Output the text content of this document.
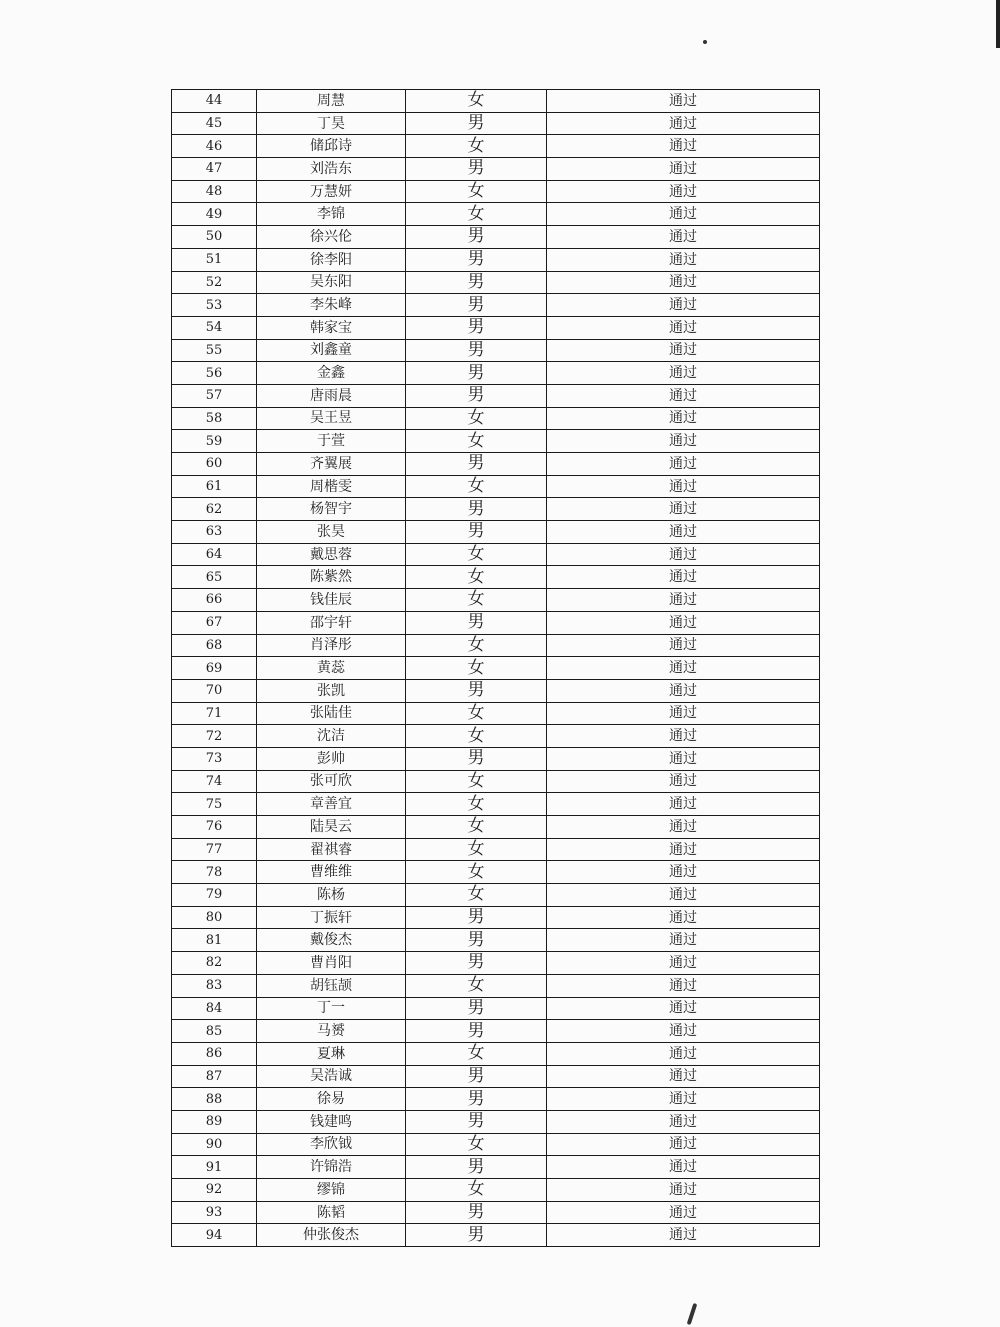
44	周慧	女	通过
45	丁昊	男	通过
46	储邱诗	女	通过
47	刘浩东	男	通过
48	万慧妍	女	通过
49	李锦	女	通过
50	徐兴伦	男	通过
51	徐李阳	男	通过
52	吴东阳	男	通过
53	李朱峰	男	通过
54	韩家宝	男	通过
55	刘鑫童	男	通过
56	金鑫	男	通过
57	唐雨晨	男	通过
58	吴王昱	女	通过
59	于萱	女	通过
60	齐翼展	男	通过
61	周楷雯	女	通过
62	杨智宇	男	通过
63	张昊	男	通过
64	戴思蓉	女	通过
65	陈紫然	女	通过
66	钱佳辰	女	通过
67	邵宇轩	男	通过
68	肖泽彤	女	通过
69	黄蕊	女	通过
70	张凯	男	通过
71	张陆佳	女	通过
72	沈洁	女	通过
73	彭帅	男	通过
74	张可欣	女	通过
75	章善宜	女	通过
76	陆昊云	女	通过
77	翟祺睿	女	通过
78	曹维维	女	通过
79	陈杨	女	通过
80	丁振轩	男	通过
81	戴俊杰	男	通过
82	曹肖阳	男	通过
83	胡钰颉	女	通过
84	丁一	男	通过
85	马赟	男	通过
86	夏琳	女	通过
87	吴浩诚	男	通过
88	徐易	男	通过
89	钱建鸣	男	通过
90	李欣钺	女	通过
91	许锦浩	男	通过
92	缪锦	女	通过
93	陈韬	男	通过
94	仲张俊杰	男	通过
